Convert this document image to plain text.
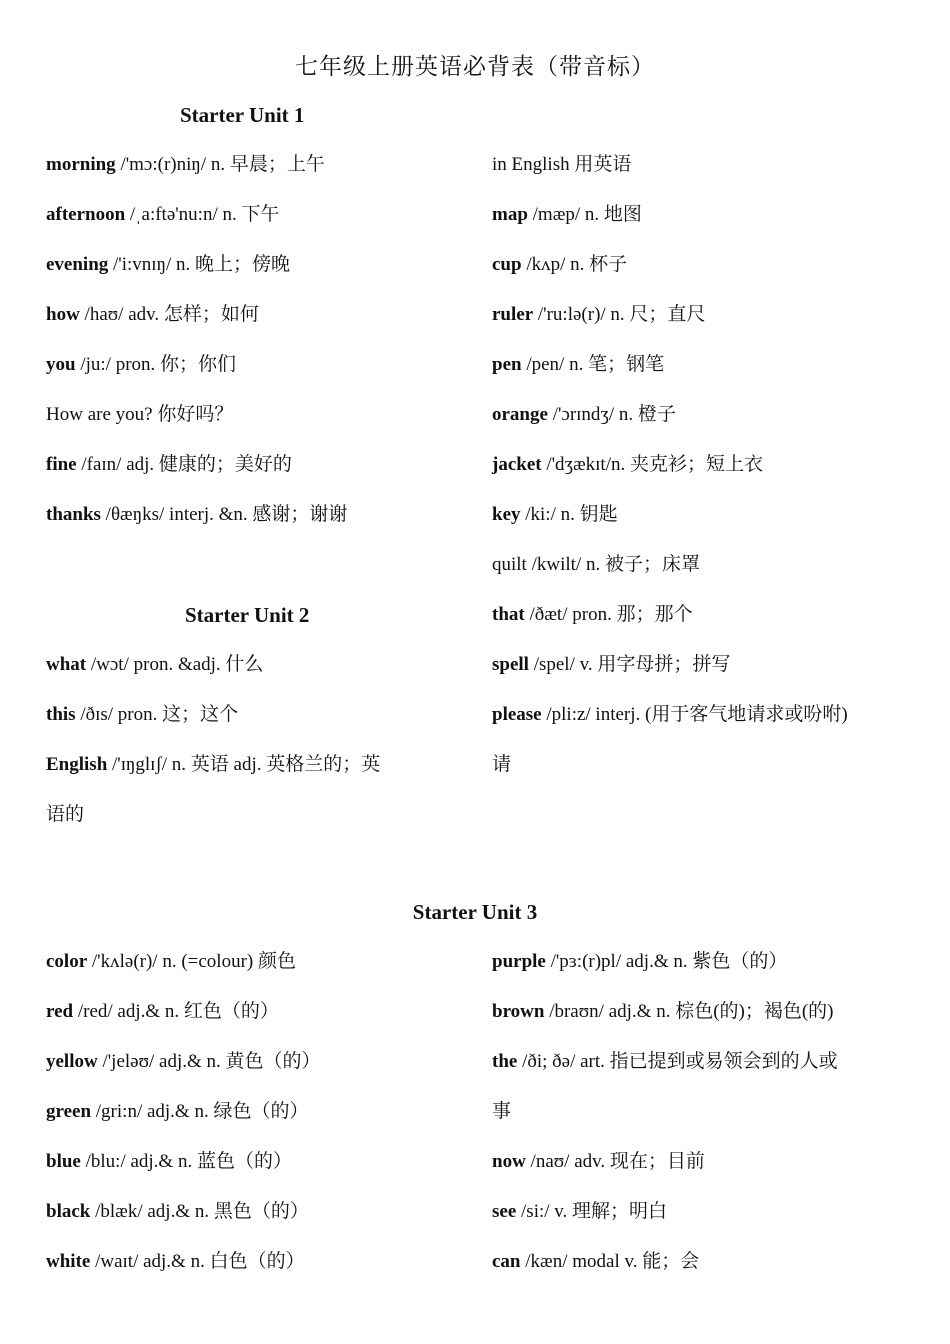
七年级上册英语必背表（带音标）
Starter Unit 1
morning /'mɔ:(r)niŋ/ n. 早晨；上午
afternoon /ˌa:ftə'nu:n/ n. 下午
evening /'i:vnɪŋ/ n. 晚上；傍晚
how /haʊ/ adv. 怎样；如何
you /ju:/ pron. 你；你们
How are you? 你好吗？
fine /faɪn/ adj. 健康的；美好的
thanks /θæŋks/ interj. &n. 感谢；谢谢
Starter Unit 2
what /wɔt/ pron. &adj. 什么
this /ðɪs/ pron. 这；这个
English /'ɪŋglɪʃ/ n. 英语 adj. 英格兰的；英
语的
in English 用英语
map /mæp/ n. 地图
cup /kʌp/ n. 杯子
ruler /'ru:lə(r)/ n. 尺；直尺
pen /pen/ n. 笔；钢笔
orange /'ɔrɪndʒ/ n. 橙子
jacket /'dʒækɪt/n. 夹克衫；短上衣
key /ki:/ n. 钥匙
quilt /kwilt/ n. 被子；床罩
that /ðæt/ pron. 那；那个
spell /spel/ v. 用字母拼；拼写
please /pli:z/ interj. (用于客气地请求或吩咐)
请
Starter Unit 3
color /'kʌlə(r)/ n. (=colour) 颜色
red /red/ adj.& n. 红色（的）
yellow /'jeləʊ/ adj.& n. 黄色（的）
green /gri:n/ adj.& n. 绿色（的）
blue /blu:/ adj.& n. 蓝色（的）
black /blæk/ adj.& n. 黑色（的）
white /waɪt/ adj.& n. 白色（的）
purple /'pɜ:(r)pl/ adj.& n. 紫色（的）
brown /braʊn/ adj.& n. 棕色(的)；褐色(的)
the /ði; ðə/ art. 指已提到或易领会到的人或
事
now /naʊ/ adv. 现在；目前
see /si:/ v. 理解；明白
can /kæn/ modal v. 能；会
